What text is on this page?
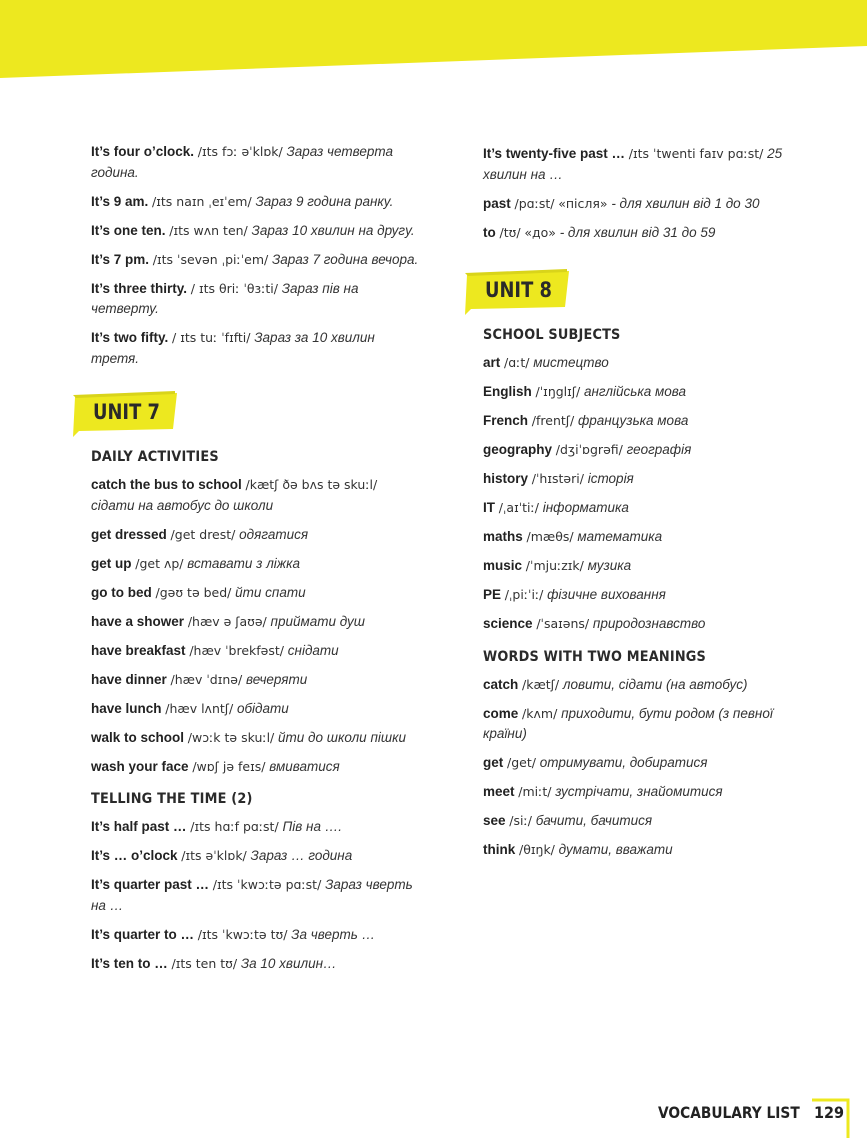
It’s four o’clock. /ɪts fɔː əˈklɒk/ Зараз четверта година.

It’s 9 am. /ɪts naɪn ˌeɪˈem/ Зараз 9 година ранку.

It’s one ten. /ɪts wʌn ten/ Зараз 10 хвилин на другу.

It’s 7 pm. /ɪts ˈsevən ˌpiːˈem/ Зараз 7 година вечора.

It’s three thirty. / ɪts θriː ˈθɜːti/ Зараз пів на четверту.

It’s two fifty. / ɪts tuː ˈfɪfti/ Зараз за 10 хвилин третя.

UNIT 7
DAILY ACTIVITIES

catch the bus to school /kætʃ ðə bʌs tə skuːl/ сідати на автобус до школи

get dressed /get drest/ одягатися

get up /get ʌp/ вставати з ліжка

go to bed /gəʊ tə bed/ йти спати

have a shower /hæv ə ʃaʊə/ приймати душ

have breakfast /hæv ˈbrekfəst/ снідати

have dinner /hæv ˈdɪnə/ вечеряти

have lunch /hæv lʌntʃ/ обідати

walk to school /wɔːk tə skuːl/ йти до школи пішки

wash your face /wɒʃ jə feɪs/ вмиватися

TELLING THE TIME (2)

It’s half past … /ɪts hɑːf pɑːst/ Пів на ….

It’s … o’clock /ɪts əˈklɒk/ Зараз … година

It’s quarter past … /ɪts ˈkwɔːtə pɑːst/ Зараз чверть на …

It’s quarter to … /ɪts ˈkwɔːtə tʊ/ За чверть …

It’s ten to … /ɪts ten tʊ/ За 10 хвилин…

It’s twenty-five past … /ɪts ˈtwenti faɪv pɑːst/ 25 хвилин на …

past /pɑːst/ «після» - для хвилин від 1 до 30

to /tʊ/ «до» - для хвилин від 31 до 59

UNIT 8
SCHOOL SUBJECTS

art /ɑːt/ мистецтво

English /ˈɪŋglɪʃ/ англійська мова

French /frentʃ/ французька мова

geography /dʒiˈɒgrəfi/ географія

history /ˈhɪstəri/ історія

IT /ˌaɪˈtiː/ інформатика

maths /mæθs/ математика

music /ˈmjuːzɪk/ музика

PE /ˌpiːˈiː/ фізичне виховання

science /ˈsaɪəns/ природознавство

WORDS WITH TWO MEANINGS

catch /kætʃ/ ловити, сідати (на автобус)

come /kʌm/ приходити, бути родом (з певної країни)

get /get/ отримувати, добиратися

meet /miːt/ зустрічати, знайомитися

see /siː/ бачити, бачитися

think /θɪŋk/ думати, вважати

VOCABULARY LIST 129
